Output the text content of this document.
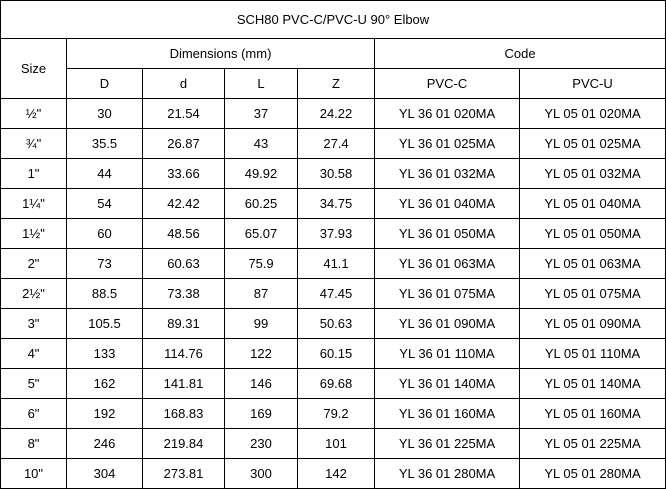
SCH80 PVC-C/PVC-U 90° Elbow						
Size	Dimensions (mm)				Code	
	D	d	L	Z	PVC-C	PVC-U
½"	30	21.54	37	24.22	YL 36 01 020MA	YL 05 01 020MA
¾"	35.5	26.87	43	27.4	YL 36 01 025MA	YL 05 01 025MA
1"	44	33.66	49.92	30.58	YL 36 01 032MA	YL 05 01 032MA
1¼"	54	42.42	60.25	34.75	YL 36 01 040MA	YL 05 01 040MA
1½"	60	48.56	65.07	37.93	YL 36 01 050MA	YL 05 01 050MA
2"	73	60.63	75.9	41.1	YL 36 01 063MA	YL 05 01 063MA
2½"	88.5	73.38	87	47.45	YL 36 01 075MA	YL 05 01 075MA
3"	105.5	89.31	99	50.63	YL 36 01 090MA	YL 05 01 090MA
4"	133	114.76	122	60.15	YL 36 01 110MA	YL 05 01 110MA
5"	162	141.81	146	69.68	YL 36 01 140MA	YL 05 01 140MA
6"	192	168.83	169	79.2	YL 36 01 160MA	YL 05 01 160MA
8"	246	219.84	230	101	YL 36 01 225MA	YL 05 01 225MA
10"	304	273.81	300	142	YL 36 01 280MA	YL 05 01 280MA
